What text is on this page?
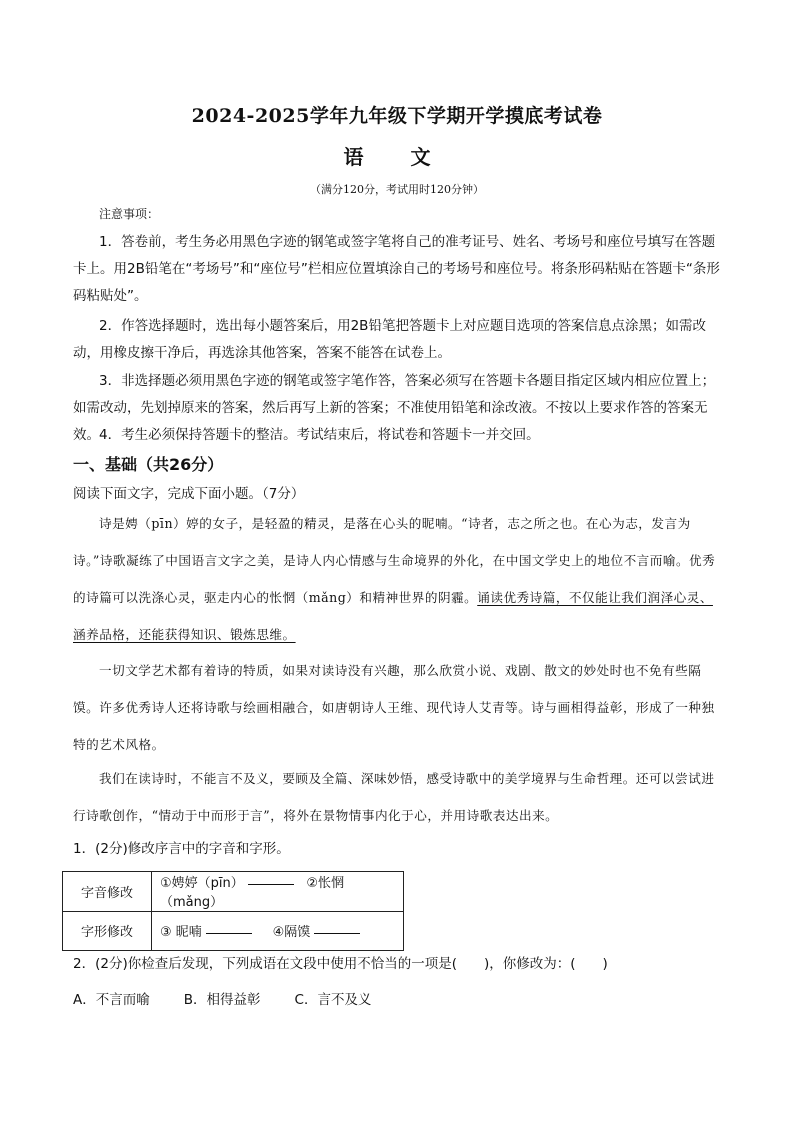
2024-2025学年九年级下学期开学摸底考试卷
语 文
（满分120分，考试用时120分钟）
注意事项：
1．答卷前，考生务必用黑色字迹的钢笔或签字笔将自己的准考证号、姓名、考场号和座位号填写在答题卡上。用2B铅笔在“考场号”和“座位号”栏相应位置填涂自己的考场号和座位号。将条形码粘贴在答题卡“条形码粘贴处”。
2．作答选择题时，选出每小题答案后，用2B铅笔把答题卡上对应题目选项的答案信息点涂黑；如需改动，用橡皮擦干净后，再选涂其他答案，答案不能答在试卷上。
3．非选择题必须用黑色字迹的钢笔或签字笔作答，答案必须写在答题卡各题目指定区域内相应位置上；如需改动，先划掉原来的答案，然后再写上新的答案；不准使用铅笔和涂改液。不按以上要求作答的答案无效。 4．考生必须保持答题卡的整洁。考试结束后，将试卷和答题卡一并交回。
一、基础（共26分）
阅读下面文字，完成下面小题。（7分）
诗是娉（pīn）婷的女子，是轻盈的精灵，是落在心头的昵喃。“诗者，志之所之也。在心为志，发言为诗。”诗歌凝练了中国语言文字之美，是诗人内心情感与生命境界的外化，在中国文学史上的地位不言而喻。优秀的诗篇可以洗涤心灵，驱走内心的怅惘（mǎng）和精神世界的阴霾。诵读优秀诗篇，不仅能让我们润泽心灵、涵养品格，还能获得知识、锻炼思维。
一切文学艺术都有着诗的特质，如果对读诗没有兴趣，那么欣赏小说、戏剧、散文的妙处时也不免有些隔馍。许多优秀诗人还将诗歌与绘画相融合，如唐朝诗人王维、现代诗人艾青等。诗与画相得益彰，形成了一种独特的艺术风格。
我们在读诗时，不能言不及义，要顾及全篇、深味妙悟，感受诗歌中的美学境界与生命哲理。还可以尝试进行诗歌创作，“情动于中而形于言”，将外在景物情事内化于心，并用诗歌表达出来。
1．(2分)修改序言中的字音和字形。
字音修改	①娉婷（pīn） ②怅惘（mǎng）
字形修改	③ 昵喃 ④隔馍
2．(2分)你检查后发现，下列成语在文段中使用不恰当的一项是(　　)，你修改为：(　　)
A．不言而喻	B．相得益彰	C．言不及义
